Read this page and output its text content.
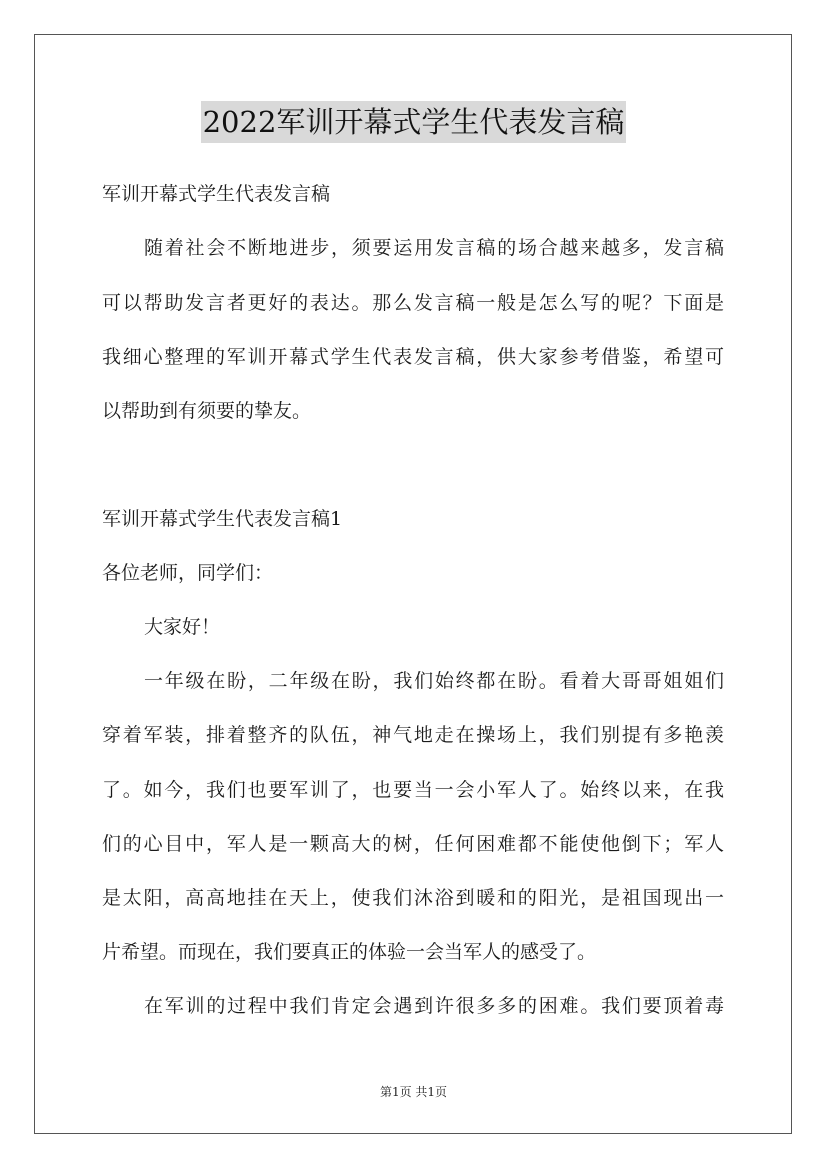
2022军训开幕式学生代表发言稿
军训开幕式学生代表发言稿
随着社会不断地进步，须要运用发言稿的场合越来越多，发言稿
可以帮助发言者更好的表达。那么发言稿一般是怎么写的呢？下面是
我细心整理的军训开幕式学生代表发言稿，供大家参考借鉴，希望可
以帮助到有须要的挚友。
军训开幕式学生代表发言稿1
各位老师，同学们：
大家好！
一年级在盼，二年级在盼，我们始终都在盼。看着大哥哥姐姐们
穿着军装，排着整齐的队伍，神气地走在操场上，我们别提有多艳羡
了。如今，我们也要军训了，也要当一会小军人了。始终以来，在我
们的心目中，军人是一颗高大的树，任何困难都不能使他倒下；军人
是太阳，高高地挂在天上，使我们沐浴到暖和的阳光，是祖国现出一
片希望。而现在，我们要真正的体验一会当军人的感受了。
在军训的过程中我们肯定会遇到许很多多的困难。我们要顶着毒
第1页 共1页
